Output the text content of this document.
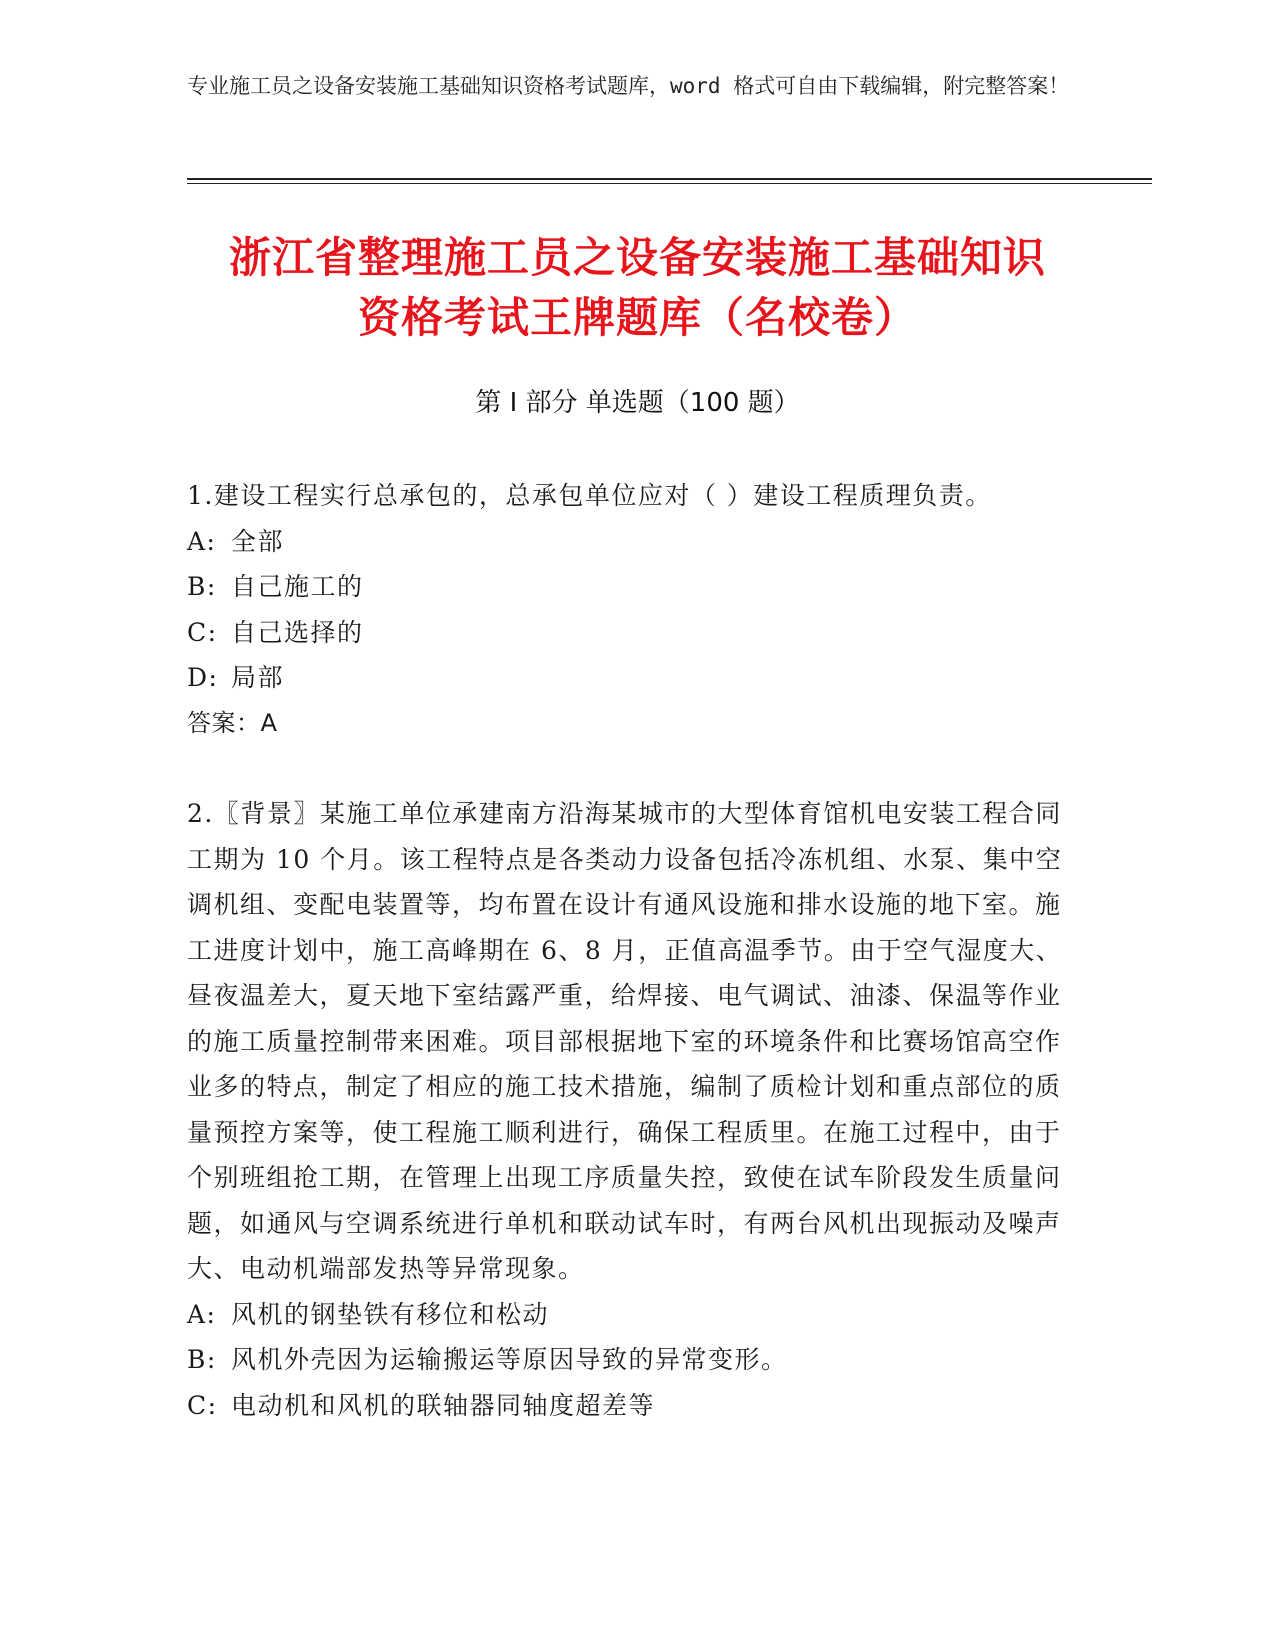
专业施工员之设备安装施工基础知识资格考试题库，word 格式可自由下载编辑，附完整答案！
浙江省整理施工员之设备安装施工基础知识
资格考试王牌题库（名校卷）
第 I 部分 单选题（100 题）

1.建设工程实行总承包的，总承包单位应对（ ）建设工程质理负责。

A: 全部

B: 自己施工的

C: 自己选择的

D: 局部

答案：A

2.〖背景〗某施工单位承建南方沿海某城市的大型体育馆机电安装工程合同工期为 10 个月。该工程特点是各类动力设备包括冷冻机组、水泵、集中空调机组、变配电装置等，均布置在设计有通风设施和排水设施的地下室。施工进度计划中，施工高峰期在 6、8 月，正值高温季节。由于空气湿度大、昼夜温差大，夏天地下室结露严重，给焊接、电气调试、油漆、保温等作业的施工质量控制带来困难。项目部根据地下室的环境条件和比赛场馆高空作业多的特点，制定了相应的施工技术措施，编制了质检计划和重点部位的质量预控方案等，使工程施工顺利进行，确保工程质里。在施工过程中，由于个别班组抢工期，在管理上出现工序质量失控，致使在试车阶段发生质量问题，如通风与空调系统进行单机和联动试车时，有两台风机出现振动及噪声大、电动机端部发热等异常现象。

A: 风机的钢垫铁有移位和松动

B: 风机外壳因为运输搬运等原因导致的异常变形。

C: 电动机和风机的联轴器同轴度超差等
